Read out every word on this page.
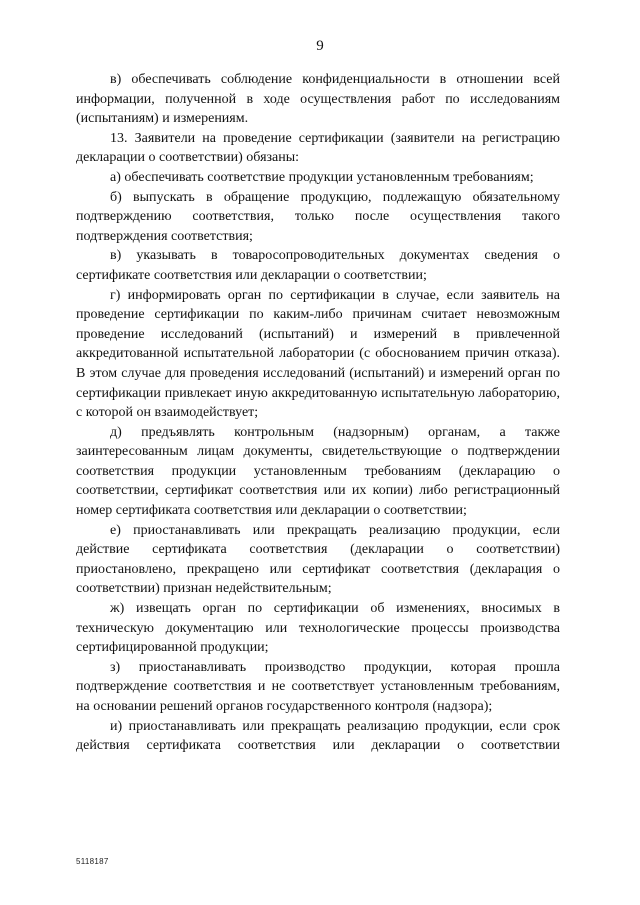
9

в) обеспечивать соблюдение конфиденциальности в отношении всей информации, полученной в ходе осуществления работ по исследованиям (испытаниям) и измерениям.

13. Заявители на проведение сертификации (заявители на регистрацию декларации о соответствии) обязаны:

а) обеспечивать соответствие продукции установленным требованиям;

б) выпускать в обращение продукцию, подлежащую обязательному подтверждению соответствия, только после осуществления такого подтверждения соответствия;

в) указывать в товаросопроводительных документах сведения о сертификате соответствия или декларации о соответствии;

г) информировать орган по сертификации в случае, если заявитель на проведение сертификации по каким-либо причинам считает невозможным проведение исследований (испытаний) и измерений в привлеченной аккредитованной испытательной лаборатории (с обоснованием причин отказа). В этом случае для проведения исследований (испытаний) и измерений орган по сертификации привлекает иную аккредитованную испытательную лабораторию, с которой он взаимодействует;

д) предъявлять контрольным (надзорным) органам, а также заинтересованным лицам документы, свидетельствующие о подтверждении соответствия продукции установленным требованиям (декларацию о соответствии, сертификат соответствия или их копии) либо регистрационный номер сертификата соответствия или декларации о соответствии;

е) приостанавливать или прекращать реализацию продукции, если действие сертификата соответствия (декларации о соответствии) приостановлено, прекращено или сертификат соответствия (декларация о соответствии) признан недействительным;

ж) извещать орган по сертификации об изменениях, вносимых в техническую документацию или технологические процессы производства сертифицированной продукции;

з) приостанавливать производство продукции, которая прошла подтверждение соответствия и не соответствует установленным требованиям, на основании решений органов государственного контроля (надзора);

и) приостанавливать или прекращать реализацию продукции, если срок действия сертификата соответствия или декларации о соответствии

5118187
